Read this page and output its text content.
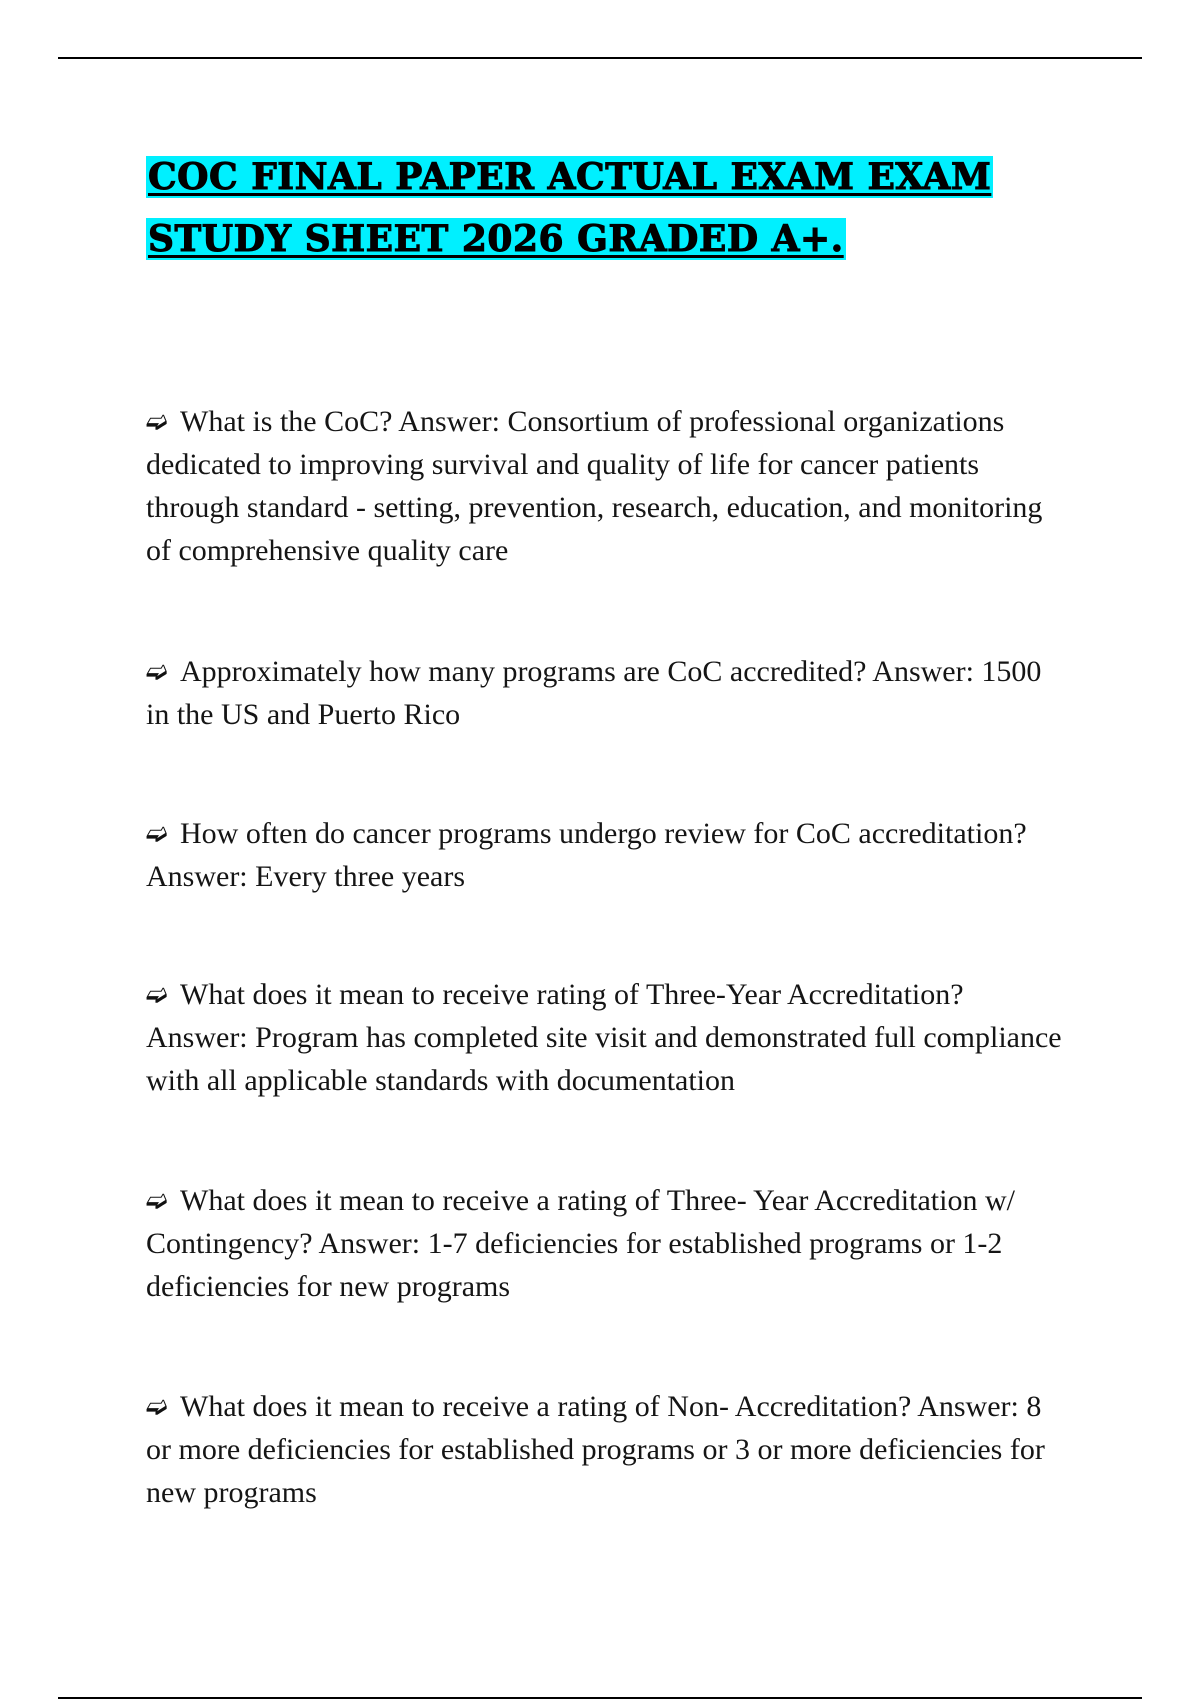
COC FINAL PAPER ACTUAL EXAM EXAM
STUDY SHEET 2026 GRADED A+.
➫ What is the CoC? Answer: Consortium of professional organizations dedicated to improving survival and quality of life for cancer patients through standard - setting, prevention, research, education, and monitoring of comprehensive quality care
➫ Approximately how many programs are CoC accredited? Answer: 1500 in the US and Puerto Rico
➫ How often do cancer programs undergo review for CoC accreditation? Answer: Every three years
➫ What does it mean to receive rating of Three-Year Accreditation? Answer: Program has completed site visit and demonstrated full compliance with all applicable standards with documentation
➫ What does it mean to receive a rating of Three- Year Accreditation w/ Contingency? Answer: 1-7 deficiencies for established programs or 1-2 deficiencies for new programs
➫ What does it mean to receive a rating of Non- Accreditation? Answer: 8 or more deficiencies for established programs or 3 or more deficiencies for new programs
